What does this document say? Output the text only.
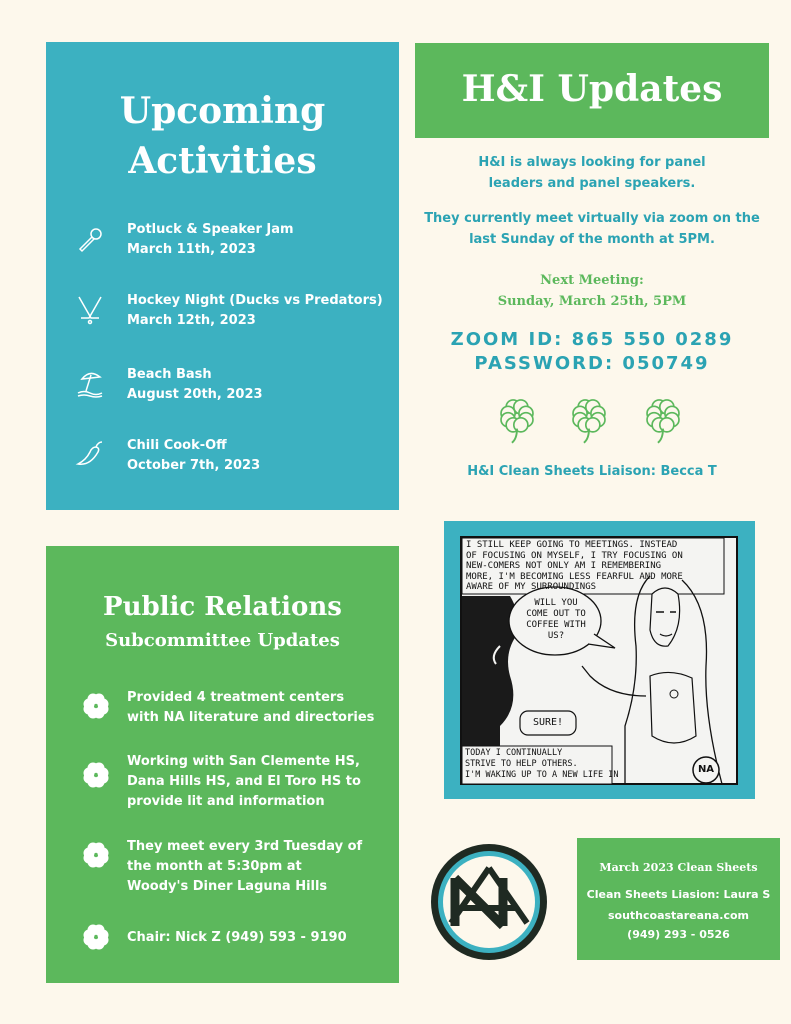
Upcoming
Activities
Potluck & Speaker Jam
March 11th, 2023
Hockey Night (Ducks vs Predators)
March 12th, 2023
Beach Bash
August 20th, 2023
Chili Cook-Off
October 7th, 2023
H&I Updates
H&I is always looking for panel
leaders and panel speakers.
They currently meet virtually via zoom on the
last Sunday of the month at 5PM.
Next Meeting:
Sunday, March 25th, 5PM
ZOOM ID: 865 550 0289
PASSWORD: 050749
H&I Clean Sheets Liaison: Becca T
I STILL KEEP GOING TO MEETINGS. INSTEAD
OF FOCUSING ON MYSELF, I TRY FOCUSING ON
NEW-COMERS NOT ONLY AM I REMEMBERING
MORE, I'M BECOMING LESS FEARFUL AND MORE
AWARE OF MY SURROUNDINGS
WILL YOU
COME OUT TO
COFFEE WITH
US?
SURE!
TODAY I CONTINUALLY
STRIVE TO HELP OTHERS.
I'M WAKING UP TO A NEW LIFE IN	NA
Public Relations
Subcommittee Updates
Provided 4 treatment centers
with NA literature and directories
Working with San Clemente HS,
Dana Hills HS, and El Toro HS to
provide lit and information
They meet every 3rd Tuesday of
the month at 5:30pm at
Woody's Diner Laguna Hills
Chair: Nick Z (949) 593 - 9190
NA
March 2023 Clean Sheets
Clean Sheets Liasion: Laura S
southcoastareana.com
(949) 293 - 0526
